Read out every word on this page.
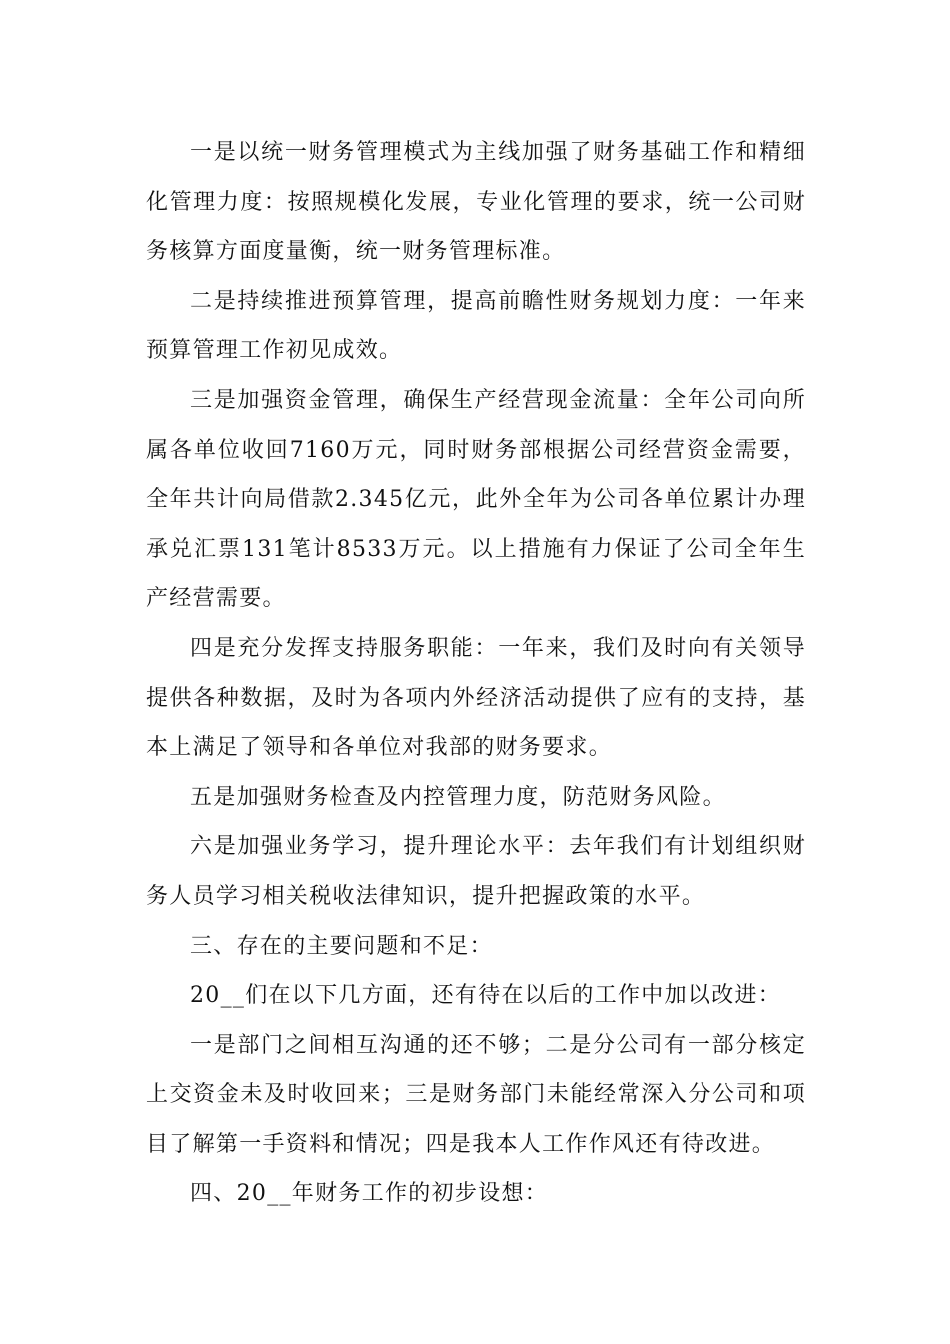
一是以统一财务管理模式为主线加强了财务基础工作和精细化管理力度：按照规模化发展，专业化管理的要求，统一公司财务核算方面度量衡，统一财务管理标准。

二是持续推进预算管理，提高前瞻性财务规划力度：一年来预算管理工作初见成效。

三是加强资金管理，确保生产经营现金流量：全年公司向所属各单位收回7160万元，同时财务部根据公司经营资金需要，全年共计向局借款2.345亿元，此外全年为公司各单位累计办理承兑汇票131笔计8533万元。以上措施有力保证了公司全年生产经营需要。

四是充分发挥支持服务职能：一年来，我们及时向有关领导提供各种数据，及时为各项内外经济活动提供了应有的支持，基本上满足了领导和各单位对我部的财务要求。

五是加强财务检查及内控管理力度，防范财务风险。

六是加强业务学习，提升理论水平：去年我们有计划组织财务人员学习相关税收法律知识，提升把握政策的水平。

三、存在的主要问题和不足：

20__们在以下几方面，还有待在以后的工作中加以改进：

一是部门之间相互沟通的还不够；二是分公司有一部分核定上交资金未及时收回来；三是财务部门未能经常深入分公司和项目了解第一手资料和情况；四是我本人工作作风还有待改进。

四、20__年财务工作的初步设想：
